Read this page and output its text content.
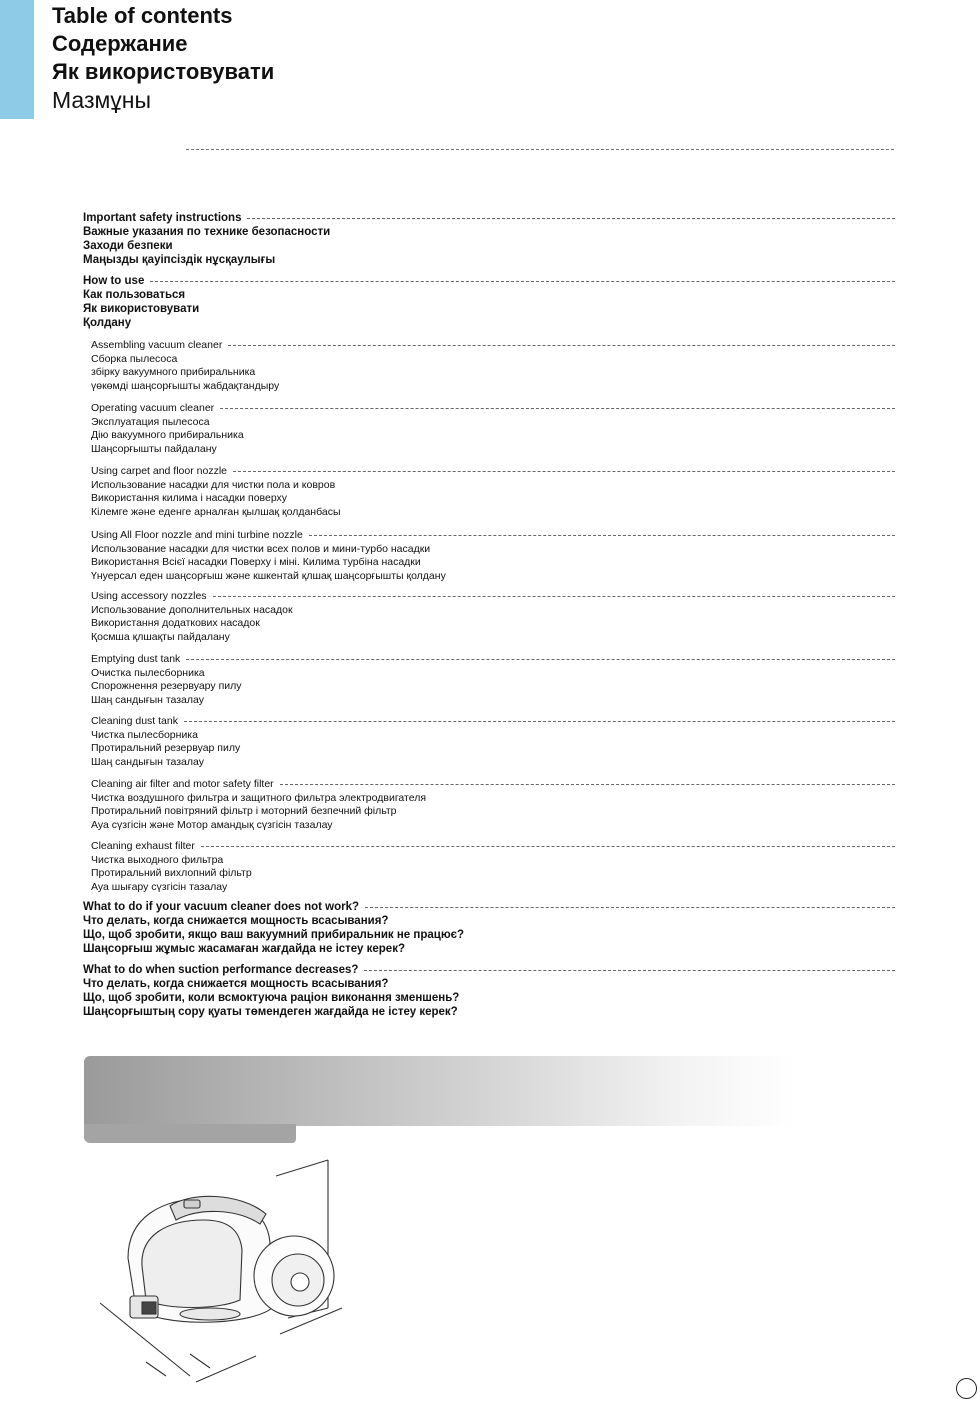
Table of contents
Содержание
Як використовувати
Мазмұны
Important safety instructions
Важные указания по технике безопасности
Заходи безпеки
Маңызды қауіпсіздік нұсқаулығы
How to use
Как пользоваться
Як використовувати
Қолдану
Assembling vacuum cleaner
Сборка пылесоса
збірку вакуумного прибиральника
үөкөмді шаңсорғышты жабдақтандыру
Operating vacuum cleaner
Эксплуатация пылесоса
Дію вакуумного прибиральника
Шаңсорғышты пайдалану
Using carpet and floor nozzle
Использование насадки для чистки пола и ковров
Використання килима і насадки поверху
Кілемге және еденге арналған қылшақ қолданбасы
Using All Floor nozzle and mini turbine nozzle
Использование насадки для чистки всех полов и мини-турбо насадки
Використання Всієї насадки Поверху і міні. Килима турбіна насадки
Үнуерсал еден шаңсорғыш және кшкентай қлшақ шаңсорғышты қолдану
Using accessory nozzles
Использование дополнительных насадок
Використання додаткових насадок
Қосмша қлшақты пайдалану
Emptying dust tank
Очистка пылесборника
Спорожнення резервуару пилу
Шаң сандығын тазалау
Cleaning dust tank
Чистка пылесборника
Протиральний резервуар пилу
Шаң сандығын тазалау
Cleaning air filter and motor safety filter
Чистка воздушного фильтра и защитного фильтра электродвигателя
Протиральний повітряний фільтр і моторний безпечний фільтр
Ауа сүзгісін және Мотор амандық сүзгісін тазалау
Cleaning exhaust filter
Чистка выходного фильтра
Протиральний вихлопний фільтр
Ауа шығару сүзгісін тазалау
What to do if your vacuum cleaner does not work?
Что делать, когда снижается мощность всасывания?
Що, щоб зробити, якщо ваш вакуумний прибиральник не працює?
Шаңсорғыш жұмыс жасамаған жағдайда не істеу керек?
What to do when suction performance decreases?
Что делать, когда снижается мощность всасывания?
Що, щоб зробити, коли всмоктуюча раціон виконання зменшень?
Шаңсорғыштың сору қуаты төмендеген жағдайда не істеу керек?
